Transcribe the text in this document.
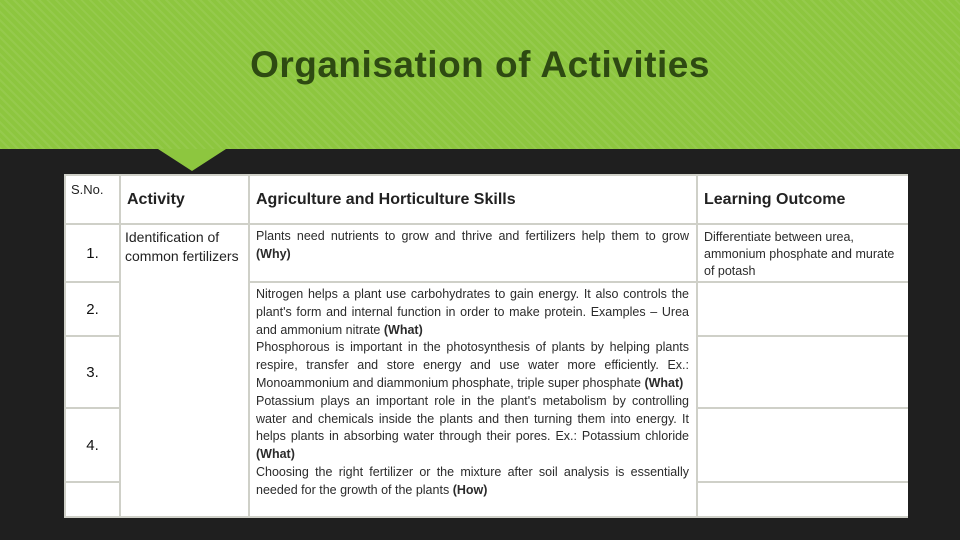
Organisation of Activities
S.No.	Activity	Agriculture and Horticulture Skills	Learning Outcome
1.	Identification of common fertilizers	Plants need nutrients to grow and thrive and fertilizers help them to grow (Why)	Differentiate between urea, ammonium phosphate and murate of potash
2.		Nitrogen helps a plant use carbohydrates to gain energy. It also controls the plant's form and internal function in order to make protein. Examples – Urea and ammonium nitrate (What)
Phosphorous is important in the photosynthesis of plants by helping plants respire, transfer and store energy and use water more efficiently. Ex.: Monoammonium and diammonium phosphate, triple super phosphate (What)
Potassium plays an important role in the plant's metabolism by controlling water and chemicals inside the plants and then turning them into energy. It helps plants in absorbing water through their pores. Ex.: Potassium chloride (What)
Choosing the right fertilizer or the mixture after soil analysis is essentially needed for the growth of the plants (How)	

3.			
4.			
